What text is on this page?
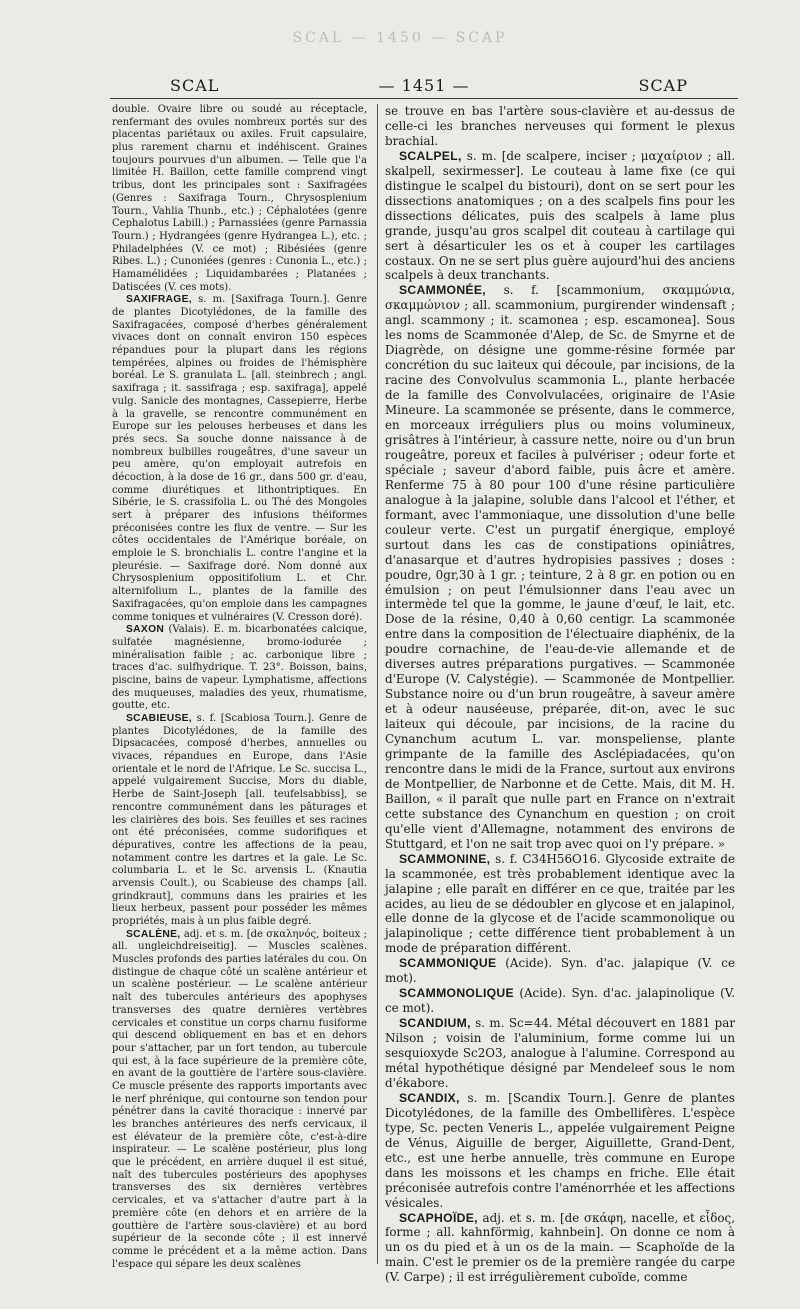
SCAL — 1450 — SCAP
SCAL	— 1451 —	SCAP

double. Ovaire libre ou soudé au réceptacle, renfermant des ovules nombreux portés sur des placentas pariétaux ou axiles. Fruit capsulaire, plus rarement charnu et indéhiscent. Graines toujours pourvues d'un albumen. — Telle que l'a limitée H. Baillon, cette famille comprend vingt tribus, dont les principales sont : Saxifragées (Genres : Saxifraga Tourn., Chrysosplenium Tourn., Vahlia Thunb., etc.) ; Céphalotées (genre Cephalotus Labill.) ; Parnassiées (genre Parnassia Tourn.) ; Hydrangées (genre Hydrangea L.), etc. ; Philadelphées (V. ce mot) ; Ribésiées (genre Ribes. L.) ; Cunoniées (genres : Cunonia L., etc.) ; Hamamélidées ; Liquidambarées ; Platanées ; Datiscées (V. ces mots).

SAXIFRAGE, s. m. [Saxifraga Tourn.]. Genre de plantes Dicotylédones, de la famille des Saxifragacées, composé d'herbes généralement vivaces dont on connaît environ 150 espèces répandues pour la plupart dans les régions tempérées, alpines ou froides de l'hémisphère boréal. Le S. granulata L. [all. steinbrech ; angl. saxifraga ; it. sassifraga ; esp. saxifraga], appelé vulg. Sanicle des montagnes, Cassepierre, Herbe à la gravelle, se rencontre communément en Europe sur les pelouses herbeuses et dans les prés secs. Sa souche donne naissance à de nombreux bulbilles rougeâtres, d'une saveur un peu amère, qu'on employait autrefois en décoction, à la dose de 16 gr., dans 500 gr. d'eau, comme diurétiques et lithontriptiques. En Sibérie, le S. crassifolia L. ou Thé des Mongoles sert à préparer des infusions théiformes préconisées contre les flux de ventre. — Sur les côtes occidentales de l'Amérique boréale, on emploie le S. bronchialis L. contre l'angine et la pleurésie. — Saxifrage doré. Nom donné aux Chrysosplenium oppositifolium L. et Chr. alternifolium L., plantes de la famille des Saxifragacées, qu'on emploie dans les campagnes comme toniques et vulnéraires (V. Cresson doré).

SAXON (Valais). E. m. bicarbonatées calcique, sulfatée magnésienne, bromo-iodurée ; minéralisation faible ; ac. carbonique libre ; traces d'ac. sulfhydrique. T. 23°. Boisson, bains, piscine, bains de vapeur. Lymphatisme, affections des muqueuses, maladies des yeux, rhumatisme, goutte, etc.

SCABIEUSE, s. f. [Scabiosa Tourn.]. Genre de plantes Dicotylédones, de la famille des Dipsacacées, composé d'herbes, annuelles ou vivaces, répandues en Europe, dans l'Asie orientale et le nord de l'Afrique. Le Sc. succisa L., appelé vulgairement Succise, Mors du diable, Herbe de Saint-Joseph [all. teufelsabbiss], se rencontre communément dans les pâturages et les clairières des bois. Ses feuilles et ses racines ont été préconisées, comme sudorifiques et dépuratives, contre les affections de la peau, notamment contre les dartres et la gale. Le Sc. columbaria L. et le Sc. arvensis L. (Knautia arvensis Coult.), ou Scabieuse des champs [all. grindkraut], communs dans les prairies et les lieux herbeux, passent pour posséder les mêmes propriétés, mais à un plus faible degré.

SCALÈNE, adj. et s. m. [de σκαληνός, boiteux ; all. ungleichdreiseitig]. — Muscles scalènes. Muscles profonds des parties latérales du cou. On distingue de chaque côté un scalène antérieur et un scalène postérieur. — Le scalène antérieur naît des tubercules antérieurs des apophyses transverses des quatre dernières vertèbres cervicales et constitue un corps charnu fusiforme qui descend obliquement en bas et en dehors pour s'attacher, par un fort tendon, au tubercule qui est, à la face supérieure de la première côte, en avant de la gouttière de l'artère sous-clavière. Ce muscle présente des rapports importants avec le nerf phrénique, qui contourne son tendon pour pénétrer dans la cavité thoracique : innervé par les branches antérieures des nerfs cervicaux, il est élévateur de la première côte, c'est-à-dire inspirateur. — Le scalène postérieur, plus long que le précédent, en arrière duquel il est situé, naît des tubercules postérieurs des apophyses transverses des six dernières vertèbres cervicales, et va s'attacher d'autre part à la première côte (en dehors et en arrière de la gouttière de l'artère sous-clavière) et au bord supérieur de la seconde côte ; il est innervé comme le précédent et a la même action. Dans l'espace qui sépare les deux scalènes

se trouve en bas l'artère sous-clavière et au-dessus de celle-ci les branches nerveuses qui forment le plexus brachial.

SCALPEL, s. m. [de scalpere, inciser ; μαχαίριον ; all. skalpell, sexirmesser]. Le couteau à lame fixe (ce qui distingue le scalpel du bistouri), dont on se sert pour les dissections anatomiques ; on a des scalpels fins pour les dissections délicates, puis des scalpels à lame plus grande, jusqu'au gros scalpel dit couteau à cartilage qui sert à désarticuler les os et à couper les cartilages costaux. On ne se sert plus guère aujourd'hui des anciens scalpels à deux tranchants.

SCAMMONÉE, s. f. [scammonium, σκαμμώνια, σκαμμώνιον ; all. scammonium, purgirender windensaft ; angl. scammony ; it. scamonea ; esp. escamonea]. Sous les noms de Scammonée d'Alep, de Sc. de Smyrne et de Diagrède, on désigne une gomme-résine formée par concrétion du suc laiteux qui découle, par incisions, de la racine des Convolvulus scammonia L., plante herbacée de la famille des Convolvulacées, originaire de l'Asie Mineure. La scammonée se présente, dans le commerce, en morceaux irréguliers plus ou moins volumineux, grisâtres à l'intérieur, à cassure nette, noire ou d'un brun rougeâtre, poreux et faciles à pulvériser ; odeur forte et spéciale ; saveur d'abord faible, puis âcre et amère. Renferme 75 à 80 pour 100 d'une résine particulière analogue à la jalapine, soluble dans l'alcool et l'éther, et formant, avec l'ammoniaque, une dissolution d'une belle couleur verte. C'est un purgatif énergique, employé surtout dans les cas de constipations opiniâtres, d'anasarque et d'autres hydropisies passives ; doses : poudre, 0gr,30 à 1 gr. ; teinture, 2 à 8 gr. en potion ou en émulsion ; on peut l'émulsionner dans l'eau avec un intermède tel que la gomme, le jaune d'œuf, le lait, etc. Dose de la résine, 0,40 à 0,60 centigr. La scammonée entre dans la composition de l'électuaire diaphénix, de la poudre cornachine, de l'eau-de-vie allemande et de diverses autres préparations purgatives. — Scammonée d'Europe (V. Calystégie). — Scammonée de Montpellier. Substance noire ou d'un brun rougeâtre, à saveur amère et à odeur nauséeuse, préparée, dit-on, avec le suc laiteux qui découle, par incisions, de la racine du Cynanchum acutum L. var. monspeliense, plante grimpante de la famille des Asclépiadacées, qu'on rencontre dans le midi de la France, surtout aux environs de Montpellier, de Narbonne et de Cette. Mais, dit M. H. Baillon, « il paraît que nulle part en France on n'extrait cette substance des Cynanchum en question ; on croit qu'elle vient d'Allemagne, notamment des environs de Stuttgard, et l'on ne sait trop avec quoi on l'y prépare. »

SCAMMONINE, s. f. C34H56O16. Glycoside extraite de la scammonée, est très probablement identique avec la jalapine ; elle paraît en différer en ce que, traitée par les acides, au lieu de se dédoubler en glycose et en jalapinol, elle donne de la glycose et de l'acide scammonolique ou jalapinolique ; cette différence tient probablement à un mode de préparation différent.

SCAMMONIQUE (Acide). Syn. d'ac. jalapique (V. ce mot).

SCAMMONOLIQUE (Acide). Syn. d'ac. jalapinolique (V. ce mot).

SCANDIUM, s. m. Sc=44. Métal découvert en 1881 par Nilson ; voisin de l'aluminium, forme comme lui un sesquioxyde Sc2O3, analogue à l'alumine. Correspond au métal hypothétique désigné par Mendeleef sous le nom d'ékabore.

SCANDIX, s. m. [Scandix Tourn.]. Genre de plantes Dicotylédones, de la famille des Ombellifères. L'espèce type, Sc. pecten Veneris L., appelée vulgairement Peigne de Vénus, Aiguille de berger, Aiguillette, Grand-Dent, etc., est une herbe annuelle, très commune en Europe dans les moissons et les champs en friche. Elle était préconisée autrefois contre l'aménorrhée et les affections vésicales.

SCAPHOÏDE, adj. et s. m. [de σκάφη, nacelle, et εἶδος, forme ; all. kahnförmig, kahnbein]. On donne ce nom à un os du pied et à un os de la main. — Scaphoïde de la main. C'est le premier os de la première rangée du carpe (V. Carpe) ; il est irrégulièrement cuboïde, comme
